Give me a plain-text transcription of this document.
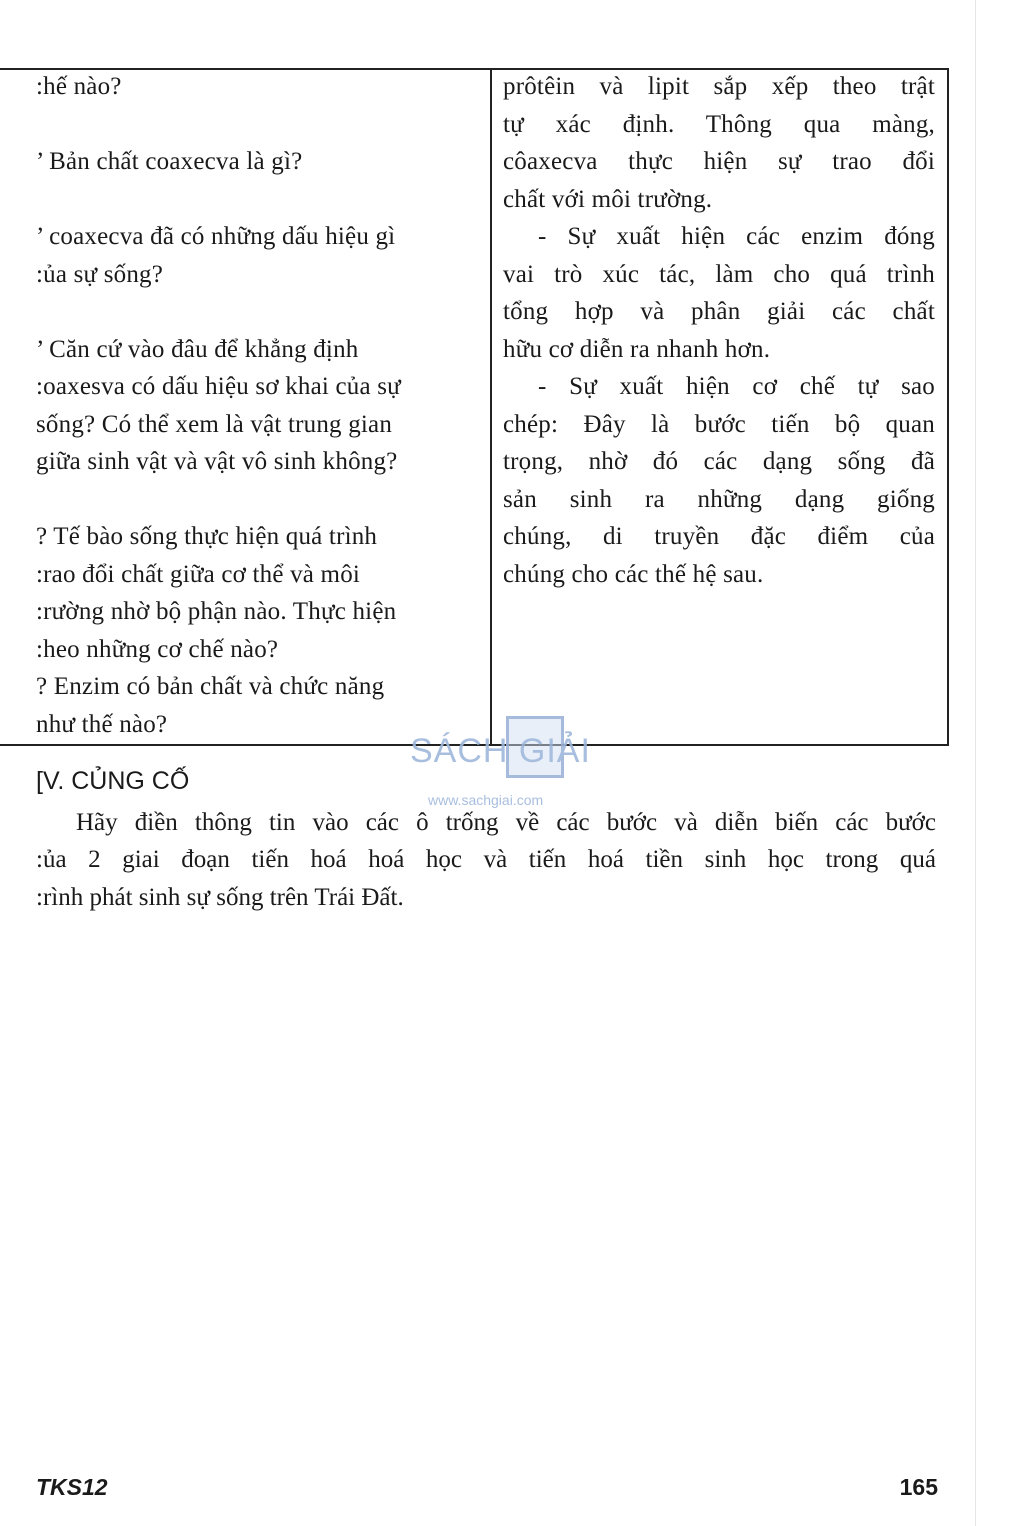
:hế nào?
’ Bản chất coaxecva là gì?
’ coaxecva đã có những dấu hiệu gì
:ủa sự sống?
’ Căn cứ vào đâu để khẳng định
:oaxesva có dấu hiệu sơ khai của sự
sống? Có thể xem là vật trung gian
giữa sinh vật và vật vô sinh không?
? Tế bào sống thực hiện quá trình
:rao đổi chất giữa cơ thể và môi
:rường nhờ bộ phận nào. Thực hiện
:heo những cơ chế nào?
? Enzim có bản chất và chức năng
như thế nào?
prôtêin và lipit sắp xếp theo trật
tự xác định. Thông qua màng,
côaxecva thực hiện sự trao đổi
chất với môi trường.
- Sự xuất hiện các enzim đóng
vai trò xúc tác, làm cho quá trình
tổng hợp và phân giải các chất
hữu cơ diễn ra nhanh hơn.
- Sự xuất hiện cơ chế tự sao
chép: Đây là bước tiến bộ quan
trọng, nhờ đó các dạng sống đã
sản sinh ra những dạng giống
chúng, di truyền đặc điểm của
chúng cho các thế hệ sau.
SÁCH GIẢI
www.sachgiai.com
[V. CỦNG CỐ
Hãy điền thông tin vào các ô trống về các bước và diễn biến các bước
:ủa 2 giai đoạn tiến hoá hoá học và tiến hoá tiền sinh học trong quá
:rình phát sinh sự sống trên Trái Đất.
TKS12	165
